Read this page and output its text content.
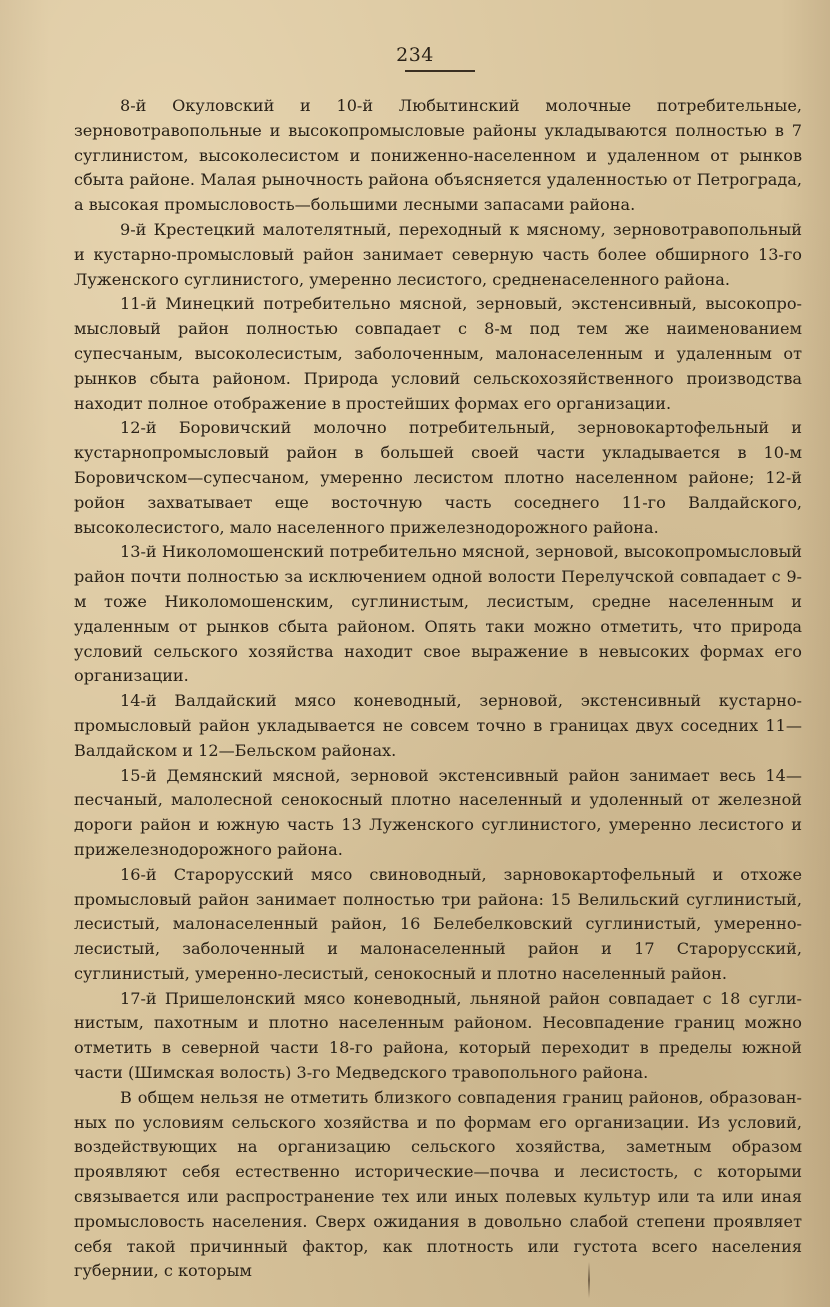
234

8-й Окуловский и 10-й Любытинский молочные потребительные, зерновотравопольные и высокопромысловые районы укладываются полностью в 7 суглинистом, высоколесистом и пониженно-населенном и удаленном от рынков сбыта районе. Малая рыночность района объясняется удаленностью от Петрограда, а высокая промысловость—большими лесными запасами района.

9-й Крестецкий малотелятный, переходный к мясному, зерновотравопольный и кустарно-промысловый район занимает северную часть более обширного 13-го Луженского суглинистого, умеренно лесистого, средненаселенного района.

11-й Минецкий потребительно мясной, зерновый, экстенсивный, высокопромысловый район полностью совпадает с 8-м под тем же наименованием супесчаным, высоколесистым, заболоченным, малонаселенным и удаленным от рынков сбыта районом. Природа условий сельскохозяйственного производства находит полное отображение в простейших формах его организации.

12-й Боровичский молочно потребительный, зерновокартофельный и кустарнопромысловый район в большей своей части укладывается в 10-м Боровичском—супесчаном, умеренно лесистом плотно населенном районе; 12-й ройон захватывает еще восточную часть соседнего 11-го Валдайского, высоколесистого, мало населенного прижелезнодорожного района.

13-й Николомошенский потребительно мясной, зерновой, высокопромысловый район почти полностью за исключением одной волости Перелучской совпадает с 9-м тоже Николомошенским, суглинистым, лесистым, средне населенным и удаленным от рынков сбыта районом. Опять таки можно отметить, что природа условий сельского хозяйства находит свое выражение в невысоких формах его организации.

14-й Валдайский мясо коневодный, зерновой, экстенсивный кустарно-промысловый район укладывается не совсем точно в границах двух соседних 11—Валдайском и 12—Бельском районах.

15-й Демянский мясной, зерновой экстенсивный район занимает весь 14—песчаный, малолесной сенокосный плотно населенный и удоленный от железной дороги район и южную часть 13 Луженского суглинистого, умеренно лесистого и прижелезнодорожного района.

16-й Старорусский мясо свиноводный, зарновокартофельный и отхоже промысловый район занимает полностью три района: 15 Велильский суглинистый, лесистый, малонаселенный район, 16 Белебелковский суглинистый, умеренно-лесистый, заболоченный и малонаселенный район и 17 Старорусский, суглинистый, умеренно-лесистый, сенокосный и плотно населенный район.

17-й Пришелонский мясо коневодный, льняной район совпадает с 18 суглинистым, пахотным и плотно населенным районом. Несовпадение границ можно отметить в северной части 18-го района, который переходит в пределы южной части (Шимская волость) 3-го Медведского травопольного района.

В общем нельзя не отметить близкого совпадения границ районов, образованных по условиям сельского хозяйства и по формам его организации. Из условий, воздействующих на организацию сельского хозяйства, заметным образом проявляют себя естественно исторические—почва и лесистость, с которыми связывается или распространение тех или иных полевых культур или та или иная промысловость населения. Сверх ожидания в довольно слабой степени проявляет себя такой причинный фактор, как плотность или густота всего населения губернии, с которым
